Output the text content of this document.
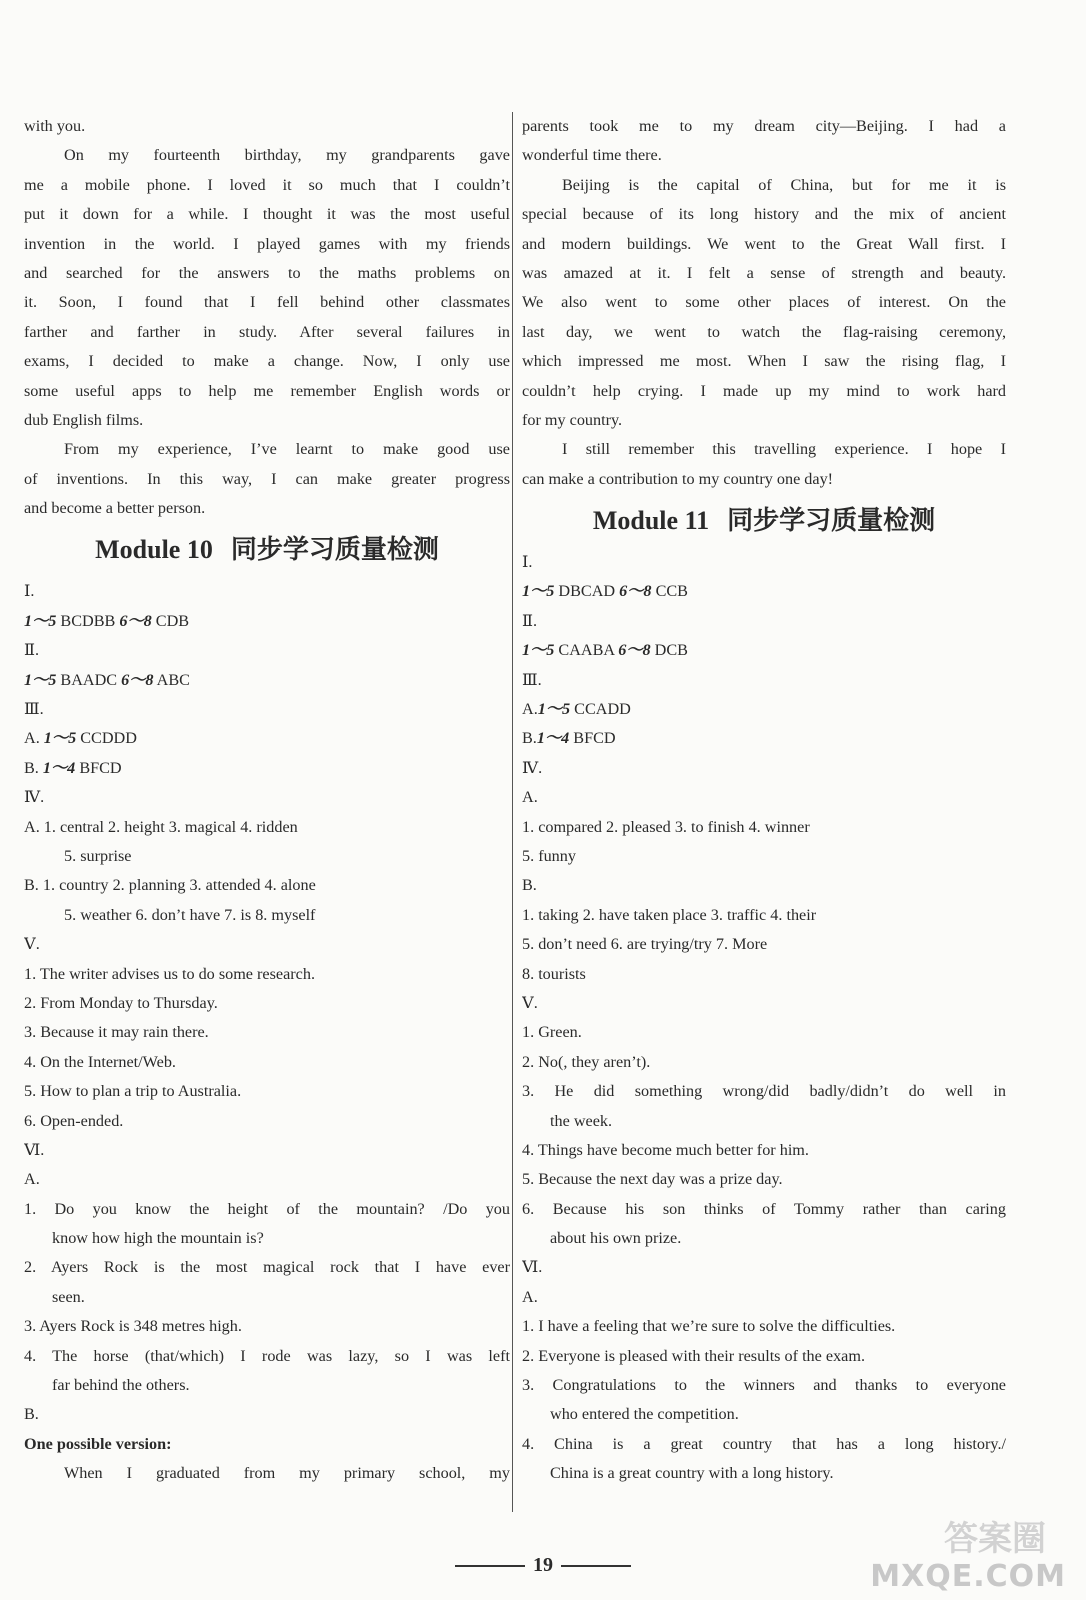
with you.
On my fourteenth birthday, my grandparents gave
me a mobile phone. I loved it so much that I couldn’t
put it down for a while. I thought it was the most useful
invention in the world. I played games with my friends
and searched for the answers to the maths problems on
it. Soon, I found that I fell behind other classmates
farther and farther in study. After several failures in
exams, I decided to make a change. Now, I only use
some useful apps to help me remember English words or
dub English films.
From my experience, I’ve learnt to make good use
of inventions. In this way, I can make greater progress
and become a better person.
Module 10 同步学习质量检测
Ⅰ.
1～5 BCDBB 6～8 CDB
Ⅱ.
1～5 BAADC 6～8 ABC
Ⅲ.
A. 1～5 CCDDD
B. 1～4 BFCD
Ⅳ.
A. 1. central 2. height 3. magical 4. ridden
5. surprise
B. 1. country 2. planning 3. attended 4. alone
5. weather 6. don’t have 7. is 8. myself
Ⅴ.
1. The writer advises us to do some research.
2. From Monday to Thursday.
3. Because it may rain there.
4. On the Internet/Web.
5. How to plan a trip to Australia.
6. Open-ended.
Ⅵ.
A.
1. Do you know the height of the mountain? /Do you
know how high the mountain is?
2. Ayers Rock is the most magical rock that I have ever
seen.
3. Ayers Rock is 348 metres high.
4. The horse (that/which) I rode was lazy, so I was left
far behind the others.
B.
One possible version:
When I graduated from my primary school, my
parents took me to my dream city—Beijing. I had a
wonderful time there.
Beijing is the capital of China, but for me it is
special because of its long history and the mix of ancient
and modern buildings. We went to the Great Wall first. I
was amazed at it. I felt a sense of strength and beauty.
We also went to some other places of interest. On the
last day, we went to watch the flag-raising ceremony,
which impressed me most. When I saw the rising flag, I
couldn’t help crying. I made up my mind to work hard
for my country.
I still remember this travelling experience. I hope I
can make a contribution to my country one day!
Module 11 同步学习质量检测
Ⅰ.
1～5 DBCAD 6～8 CCB
Ⅱ.
1～5 CAABA 6～8 DCB
Ⅲ.
A.1～5 CCADD
B.1～4 BFCD
Ⅳ.
A.
1. compared 2. pleased 3. to finish 4. winner
5. funny
B.
1. taking 2. have taken place 3. traffic 4. their
5. don’t need 6. are trying/try 7. More
8. tourists
Ⅴ.
1. Green.
2. No(, they aren’t).
3. He did something wrong/did badly/didn’t do well in
the week.
4. Things have become much better for him.
5. Because the next day was a prize day.
6. Because his son thinks of Tommy rather than caring
about his own prize.
Ⅵ.
A.
1. I have a feeling that we’re sure to solve the difficulties.
2. Everyone is pleased with their results of the exam.
3. Congratulations to the winners and thanks to everyone
who entered the competition.
4. China is a great country that has a long history./
China is a great country with a long history.
19
答案圈
MXQE.COM
